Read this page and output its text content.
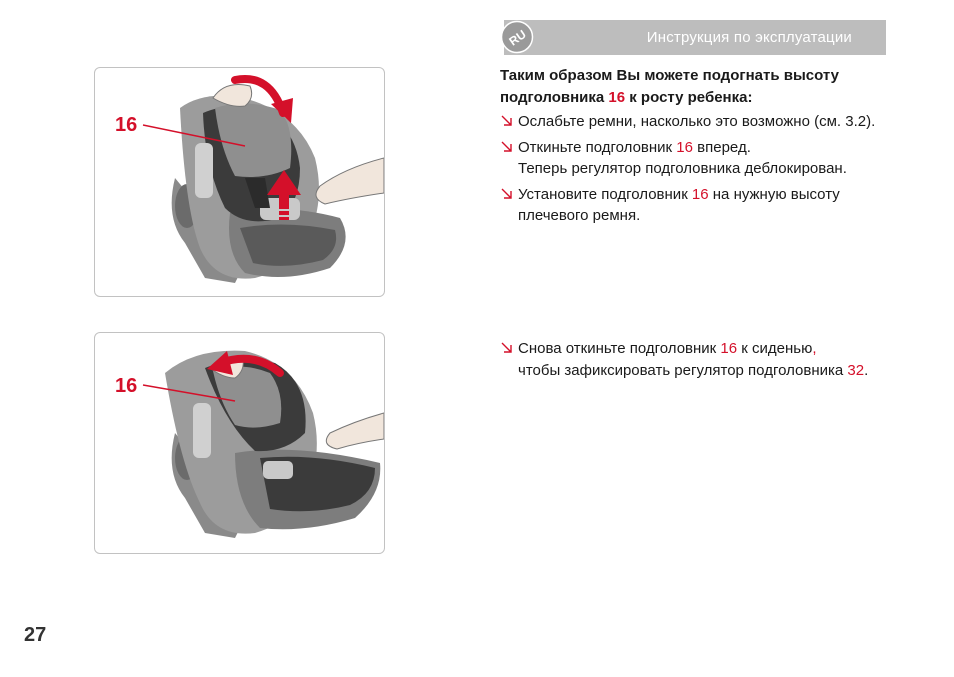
Инструкция по эксплуатации
RU
16
16
Таким образом Вы можете подогнать высоту подголовника 16 к росту ребенка:
Ослабьте ремни, насколько это возможно (см. 3.2).
Откиньте подголовник 16 вперед.
Теперь регулятор подголовника деблокирован.
Установите подголовник 16 на нужную высоту плечевого ремня.
Снова откиньте подголовник 16 к сиденью,
чтобы зафиксировать регулятор подголовника 32.
27
